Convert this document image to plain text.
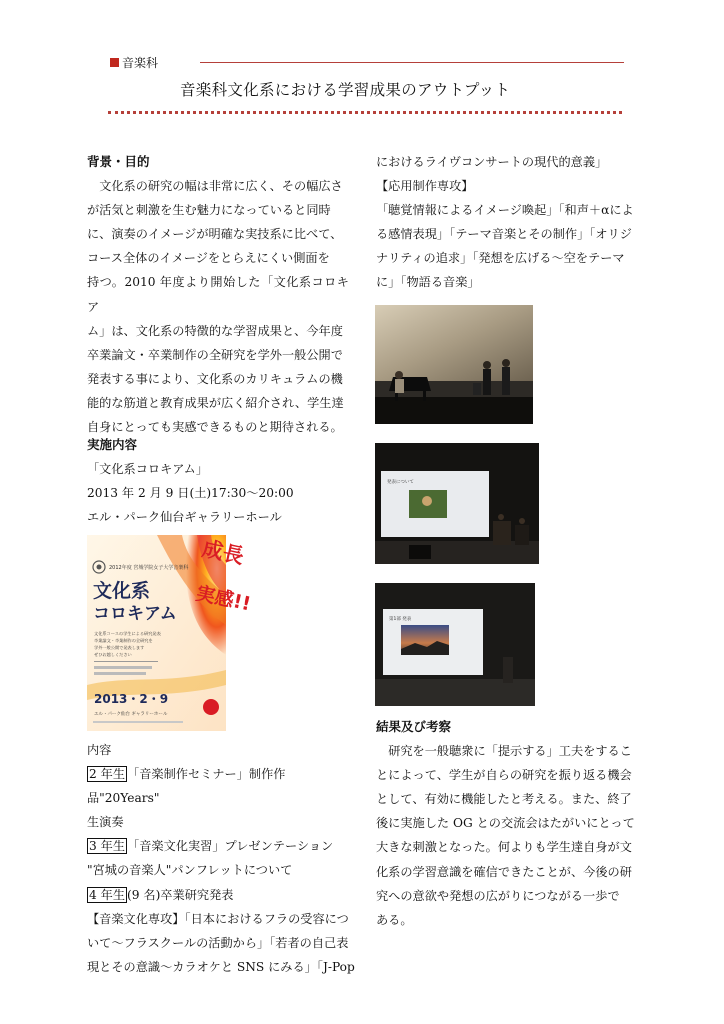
音楽科
音楽科文化系における学習成果のアウトプット

背景・目的

文化系の研究の幅は非常に広く、その幅広さ

が活気と刺激を生む魅力になっていると同時

に、演奏のイメージが明確な実技系に比べて、

コース全体のイメージをとらえにくい側面を

持つ。2010 年度より開始した「文化系コロキア

ム」は、文化系の特徴的な学習成果と、今年度

卒業論文・卒業制作の全研究を学外一般公開で

発表する事により、文化系のカリキュラムの機

能的な筋道と教育成果が広く紹介され、学生達

自身にとっても実感できるものと期待される。

実施内容

「文化系コロキアム」

2013 年 2 月 9 日(土)17:30～20:00

エル・パーク仙台ギャラリーホール

2012年度 宮城学院女子大学音楽科
文化系
コロキアム
成長
実感!!
文化系コースの学生による研究発表
卒業論文・卒業制作の全研究を
学外一般公開で発表します
ぜひお越しください
2013・2・9
エル・パーク仙台 ギャラリーホール

内容

2 年生 「音楽制作セミナー」制作作品"20Years"

生演奏

3 年生 「音楽文化実習」プレゼンテーション

"宮城の音楽人"パンフレットについて

4 年生 (9 名)卒業研究発表

【音楽文化専攻】「日本におけるフラの受容につ

いて～フラスクールの活動から」「若者の自己表

現とその意識～カラオケと SNS にみる」「J-Pop

におけるライヴコンサートの現代的意義」

【応用制作専攻】

「聴覚情報によるイメージ喚起」「和声＋αによ

る感情表現」「テーマ音楽とその制作」「オリジ

ナリティの追求」「発想を広げる～空をテーマ

に」「物語る音楽」

発表について
第1部 発表

結果及び考察

研究を一般聴衆に「提示する」工夫をするこ

とによって、学生が自らの研究を振り返る機会

として、有効に機能したと考える。また、終了

後に実施した OG との交流会はたがいにとって

大きな刺激となった。何よりも学生達自身が文

化系の学習意識を確信できたことが、今後の研

究への意欲や発想の広がりにつながる一歩で

ある。
